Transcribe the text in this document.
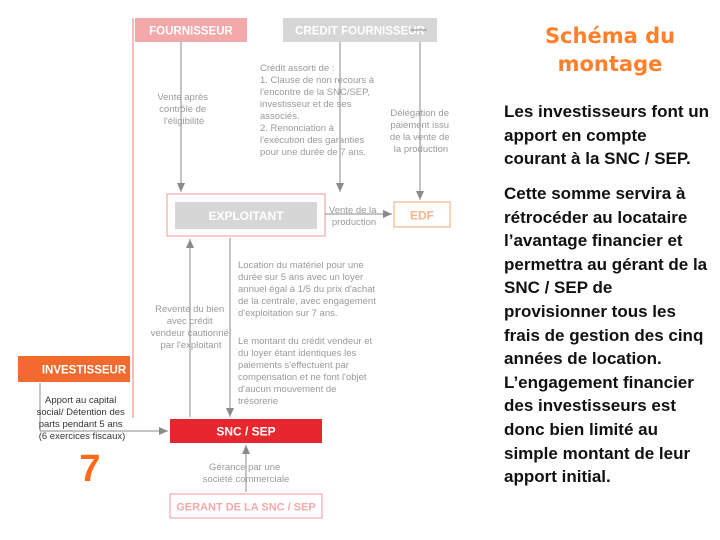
FOURNISSEUR	CREDIT FOURNISSEUR
EXPLOITANT	EDF
INVESTISSEUR
SNC / SEP
GERANT DE LA SNC / SEP
Vente après contrôle de l'éligibilité
Crédit assorti de : 1. Clause de non recours à l'encontre de la SNC/SEP, investisseur et de ses associés. 2. Renonciation à l'exécution des garanties pour une durée de 7 ans.
Délégation de paiement issu de la vente de la production
Vente de la production
Location du matériel pour une durée sur 5 ans avec un loyer annuel égal à 1/5 du prix d'achat de la centrale, avec engagement d'exploitation sur 7 ans.
Le montant du crédit vendeur et du loyer étant identiques les paiements s'effectuent par compensation et ne font l'objet d'aucun mouvement de trésorerie
Revente du bien avec crédit vendeur cautionné par l'exploitant
Apport au capital social/ Détention des parts pendant 5 ans (6 exercices fiscaux)
Gérance par une société commerciale
7
Schéma du
montage
Les investisseurs font un apport en compte courant à la SNC / SEP.
Cette somme servira à rétrocéder au locataire l’avantage financier et permettra au gérant de la SNC / SEP de provisionner tous les frais de gestion des cinq années de location. L’engagement financier des investisseurs est donc bien limité au simple montant de leur apport initial.
